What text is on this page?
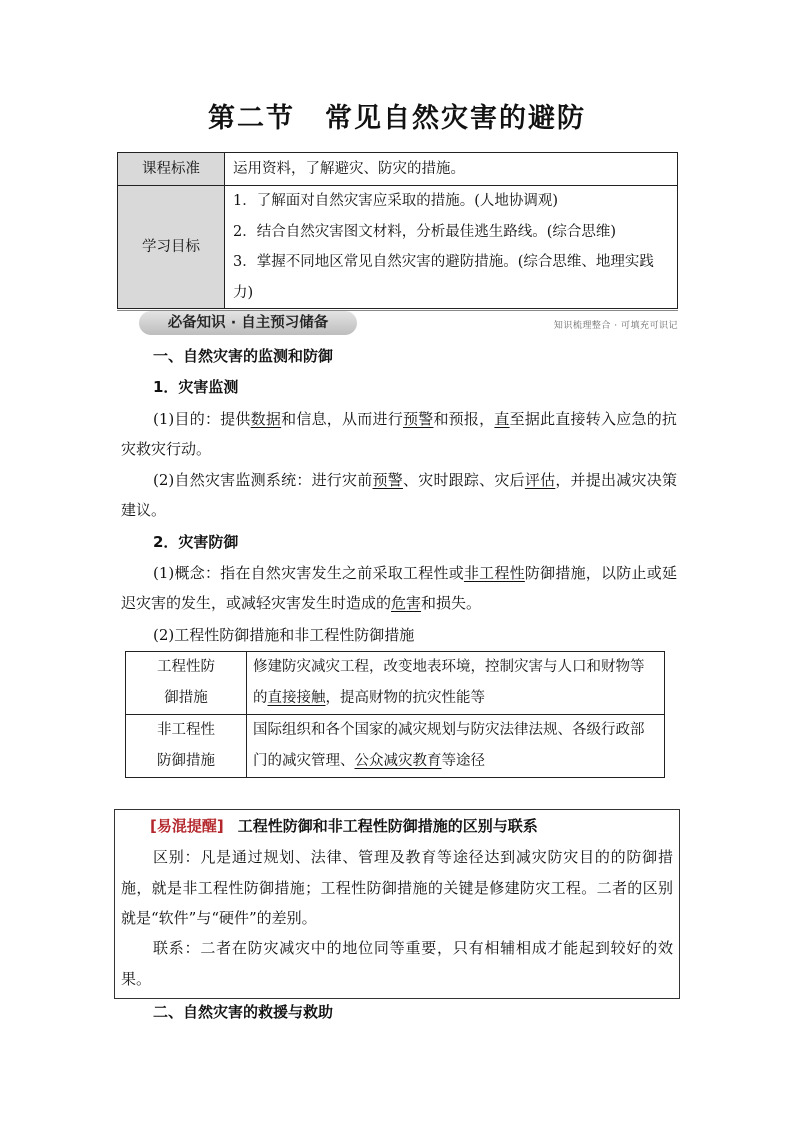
第二节 常见自然灾害的避防
课程标准	运用资料，了解避灾、防灾的措施。
学习目标	1．了解面对自然灾害应采取的措施。(人地协调观)
2．结合自然灾害图文材料，分析最佳逃生路线。(综合思维)
3．掌握不同地区常见自然灾害的避防措施。(综合思维、地理实践力)
必备知识 · 自主预习储备	知识梳理整合 · 可填充可识记
一、自然灾害的监测和防御
1．灾害监测
(1)目的：提供数据和信息，从而进行预警和预报，直至据此直接转入应急的抗灾救灾行动。
(2)自然灾害监测系统：进行灾前预警、灾时跟踪、灾后评估，并提出减灾决策建议。
2．灾害防御
(1)概念：指在自然灾害发生之前采取工程性或非工程性防御措施，以防止或延迟灾害的发生，或减轻灾害发生时造成的危害和损失。
(2)工程性防御措施和非工程性防御措施
工程性防
御措施	修建防灾减灾工程，改变地表环境，控制灾害与人口和财物等的直接接触，提高财物的抗灾性能等

非工程性
防御措施	国际组织和各个国家的减灾规划与防灾法律法规、各级行政部门的减灾管理、公众减灾教育等途径
[易混提醒] 工程性防御和非工程性防御措施的区别与联系
区别：凡是通过规划、法律、管理及教育等途径达到减灾防灾目的的防御措施，就是非工程性防御措施；工程性防御措施的关键是修建防灾工程。二者的区别就是“软件”与“硬件”的差别。
联系：二者在防灾减灾中的地位同等重要，只有相辅相成才能起到较好的效果。
二、自然灾害的救援与救助
